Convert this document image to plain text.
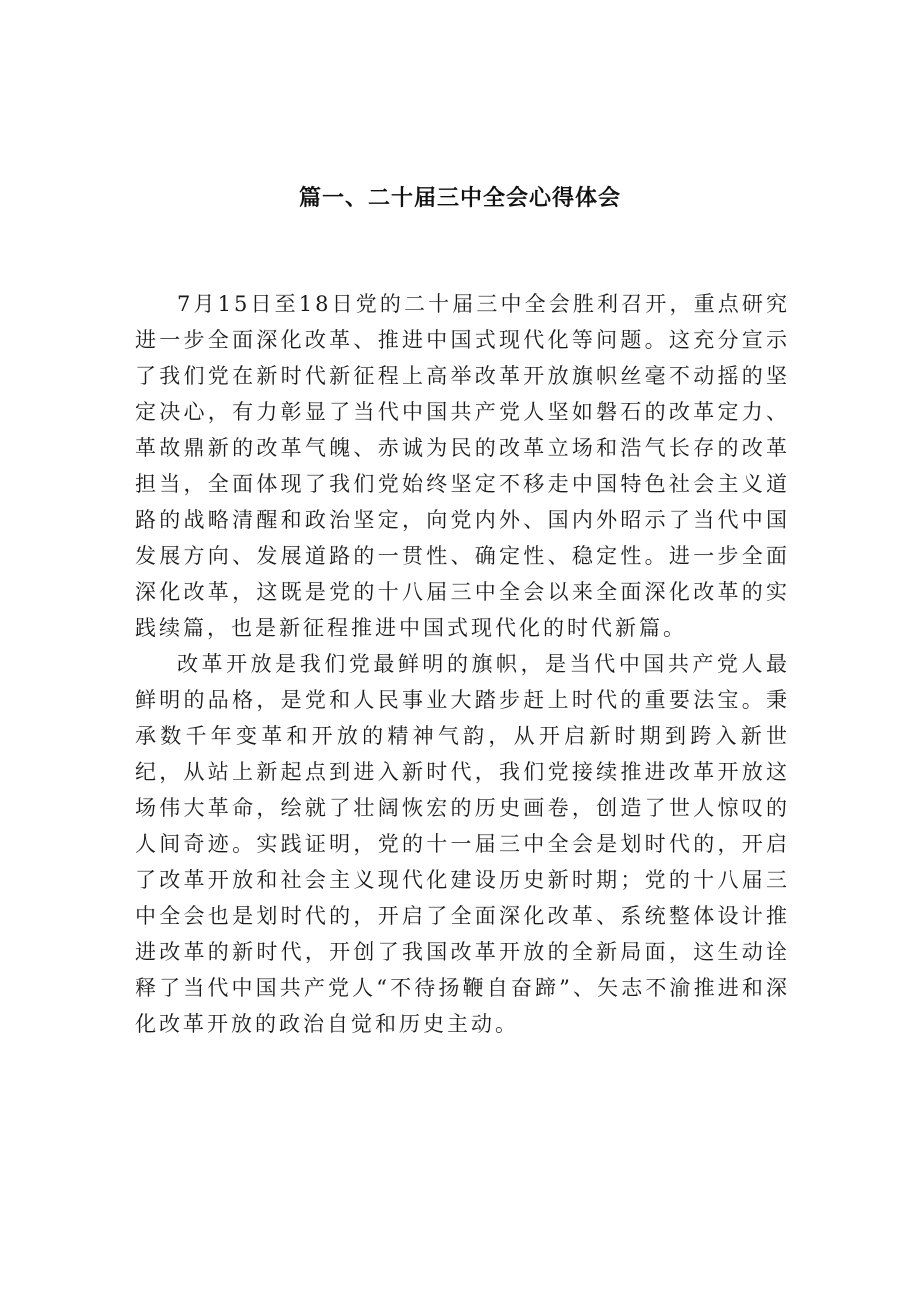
篇一、二十届三中全会心得体会

7月15日至18日党的二十届三中全会胜利召开，重点研究进一步全面深化改革、推进中国式现代化等问题。这充分宣示了我们党在新时代新征程上高举改革开放旗帜丝毫不动摇的坚定决心，有力彰显了当代中国共产党人坚如磐石的改革定力、革故鼎新的改革气魄、赤诚为民的改革立场和浩气长存的改革担当，全面体现了我们党始终坚定不移走中国特色社会主义道路的战略清醒和政治坚定，向党内外、国内外昭示了当代中国发展方向、发展道路的一贯性、确定性、稳定性。进一步全面深化改革，这既是党的十八届三中全会以来全面深化改革的实践续篇，也是新征程推进中国式现代化的时代新篇。

改革开放是我们党最鲜明的旗帜，是当代中国共产党人最鲜明的品格，是党和人民事业大踏步赶上时代的重要法宝。秉承数千年变革和开放的精神气韵，从开启新时期到跨入新世纪，从站上新起点到进入新时代，我们党接续推进改革开放这场伟大革命，绘就了壮阔恢宏的历史画卷，创造了世人惊叹的人间奇迹。实践证明，党的十一届三中全会是划时代的，开启了改革开放和社会主义现代化建设历史新时期；党的十八届三中全会也是划时代的，开启了全面深化改革、系统整体设计推进改革的新时代，开创了我国改革开放的全新局面，这生动诠释了当代中国共产党人“不待扬鞭自奋蹄”、矢志不渝推进和深化改革开放的政治自觉和历史主动。
